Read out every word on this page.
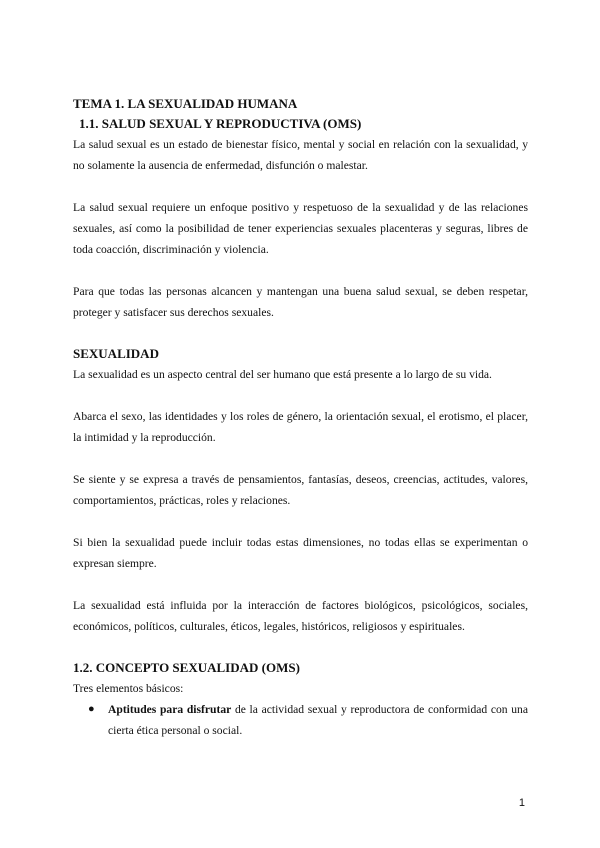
TEMA 1. LA SEXUALIDAD HUMANA
1.1. SALUD SEXUAL Y REPRODUCTIVA (OMS)

La salud sexual es un estado de bienestar físico, mental y social en relación con la sexualidad, y no solamente la ausencia de enfermedad, disfunción o malestar.

La salud sexual requiere un enfoque positivo y respetuoso de la sexualidad y de las relaciones sexuales, así como la posibilidad de tener experiencias sexuales placenteras y seguras, libres de toda coacción, discriminación y violencia.

Para que todas las personas alcancen y mantengan una buena salud sexual, se deben respetar, proteger y satisfacer sus derechos sexuales.

SEXUALIDAD

La sexualidad es un aspecto central del ser humano que está presente a lo largo de su vida.

Abarca el sexo, las identidades y los roles de género, la orientación sexual, el erotismo, el placer, la intimidad y la reproducción.

Se siente y se expresa a través de pensamientos, fantasías, deseos, creencias, actitudes, valores, comportamientos, prácticas, roles y relaciones.

Si bien la sexualidad puede incluir todas estas dimensiones, no todas ellas se experimentan o expresan siempre.

La sexualidad está influida por la interacción de factores biológicos, psicológicos, sociales, económicos, políticos, culturales, éticos, legales, históricos, religiosos y espirituales.

1.2. CONCEPTO SEXUALIDAD (OMS)

Tres elementos básicos:

● Aptitudes para disfrutar de la actividad sexual y reproductora de conformidad con una cierta ética personal o social.
1
